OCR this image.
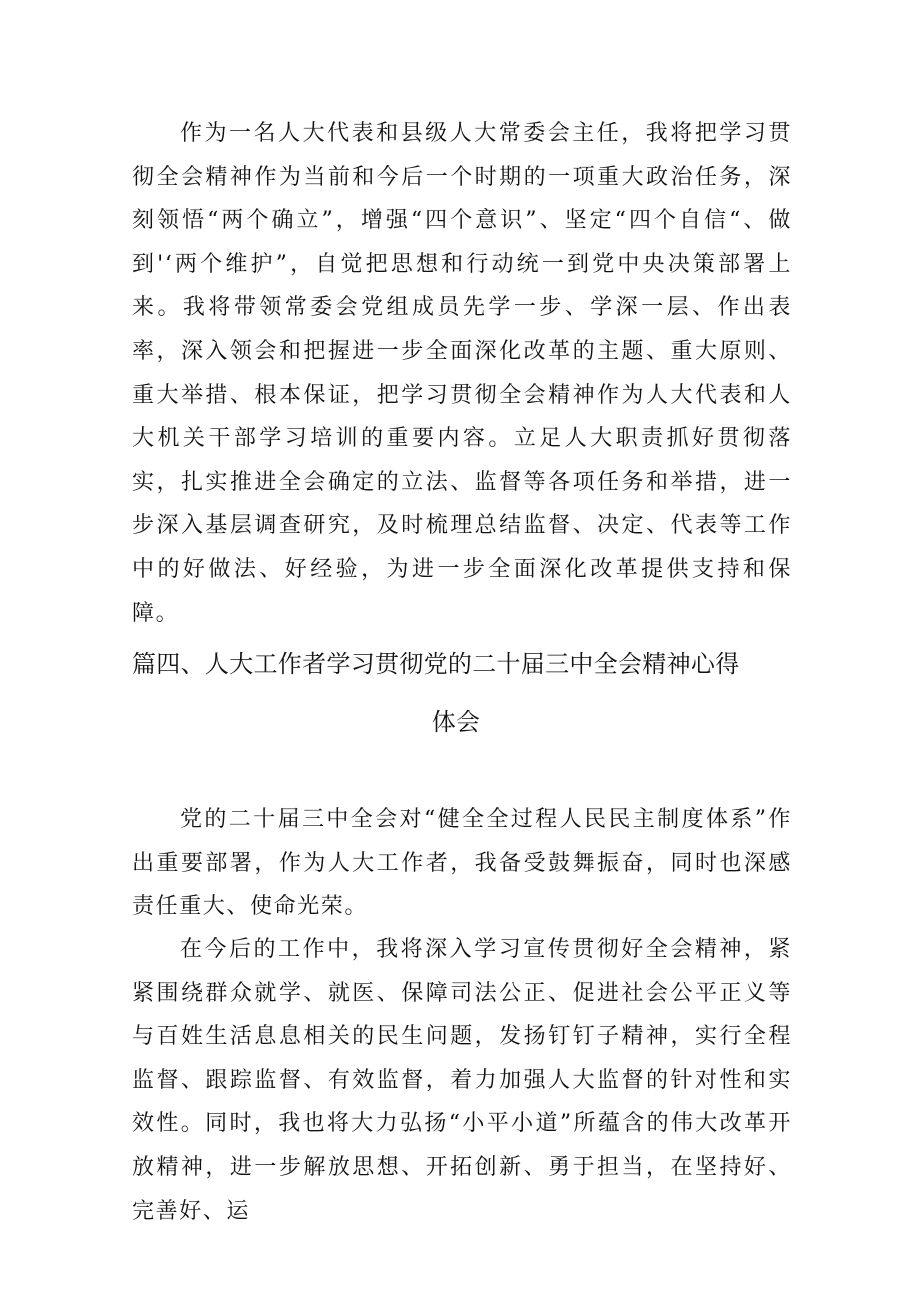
作为一名人大代表和县级人大常委会主任，我将把学习贯彻全会精神作为当前和今后一个时期的一项重大政治任务，深刻领悟“两个确立”，增强“四个意识”、坚定“四个自信“、做到'‘两个维护”，自觉把思想和行动统一到党中央决策部署上来。我将带领常委会党组成员先学一步、学深一层、作出表率，深入领会和把握进一步全面深化改革的主题、重大原则、重大举措、根本保证，把学习贯彻全会精神作为人大代表和人大机关干部学习培训的重要内容。立足人大职责抓好贯彻落实，扎实推进全会确定的立法、监督等各项任务和举措，进一步深入基层调查研究，及时梳理总结监督、决定、代表等工作中的好做法、好经验，为进一步全面深化改革提供支持和保障。

篇四、人大工作者学习贯彻党的二十届三中全会精神心得
体会

党的二十届三中全会对“健全全过程人民民主制度体系”作出重要部署，作为人大工作者，我备受鼓舞振奋，同时也深感责任重大、使命光荣。

在今后的工作中，我将深入学习宣传贯彻好全会精神，紧紧围绕群众就学、就医、保障司法公正、促进社会公平正义等与百姓生活息息相关的民生问题，发扬钉钉子精神，实行全程监督、跟踪监督、有效监督，着力加强人大监督的针对性和实效性。同时，我也将大力弘扬“小平小道”所蕴含的伟大改革开放精神，进一步解放思想、开拓创新、勇于担当，在坚持好、完善好、运
